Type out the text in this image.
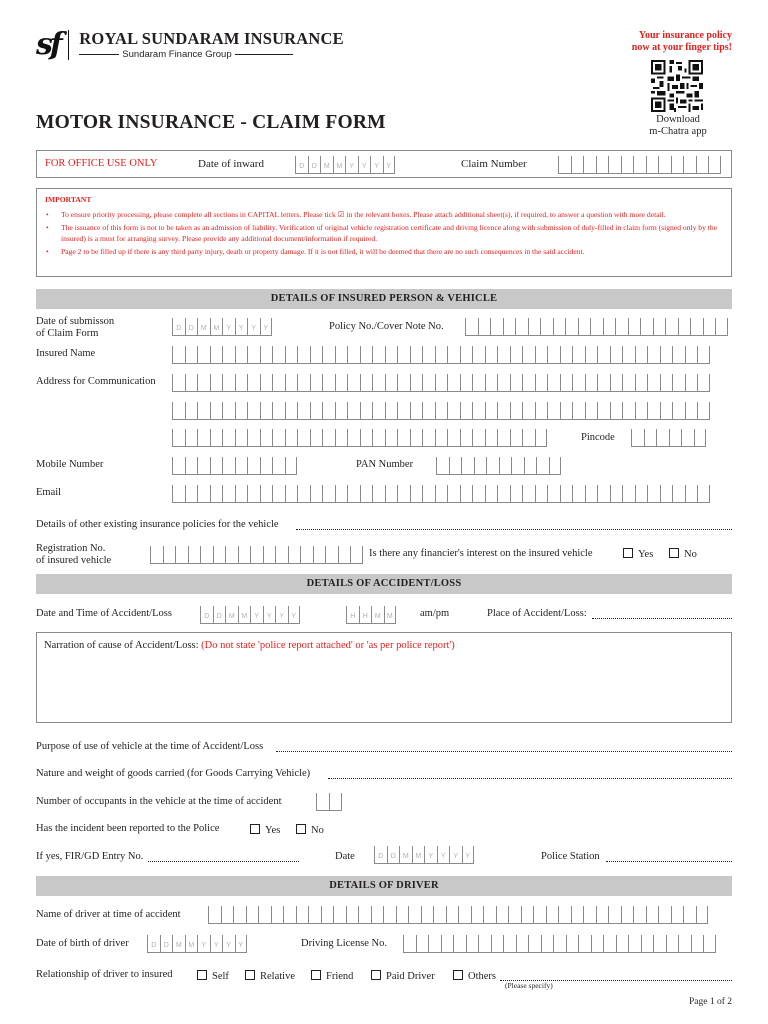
sf ROYAL SUNDARAM INSURANCE
Sundaram Finance Group
Your insurance policy
now at your finger tips!
Download
m-Chatra app
MOTOR INSURANCE - CLAIM FORM
FOR OFFICE USE ONLY	Date of inward	D	D	M M	Y	Y	Y	Y	Claim Number
IMPORTANT
• To ensure priority processing, please complete all sections in CAPITAL letters. Please tick ☑ in the relevant boxes. Please attach additional sheet(s), if required, to answer a question with more detail.
• The issuance of this form is not to be taken as an admission of liability. Verification of original vehicle registration certificate and driving licence along with submission of duly-filled in claim form (signed only by the insured) is a must for arranging survey. Please provide any additional document/information if required.
• Page 2 to be filled up if there is any third party injury, death or property damage. If it is not filled, it will be deemed that there are no such consequences in the said accident.
DETAILS OF INSURED PERSON & VEHICLE
Date of submisson
of Claim Form	D	D	M M	Y	Y	Y	Y	Policy No./Cover Note No.
Insured Name
Address for Communication
Pincode
Mobile Number	PAN Number
Email
Details of other existing insurance policies for the vehicle
Registration No.
of insured vehicle
Is there any financier's interest on the insured vehicle	Yes	No
DETAILS OF ACCIDENT/LOSS
Date and Time of Accident/Loss	D	D	M M	Y	Y	Y	Y	H	H	M M	am/pm	Place of Accident/Loss:
Narration of cause of Accident/Loss: (Do not state 'police report attached' or 'as per police report')
Purpose of use of vehicle at the time of Accident/Loss
Nature and weight of goods carried (for Goods Carrying Vehicle)
Number of occupants in the vehicle at the time of accident
Has the incident been reported to the Police	Yes	No
If yes, FIR/GD Entry No.	Date	D	D	M M	Y	Y	Y	Y	Police Station
DETAILS OF DRIVER
Name of driver at time of accident
Date of birth of driver	D	D	M M	Y	Y	Y	Y	Driving License No.
Relationship of driver to insured	Self	Relative	Friend	Paid Driver	Others
(Please specify)
Page 1 of 2
